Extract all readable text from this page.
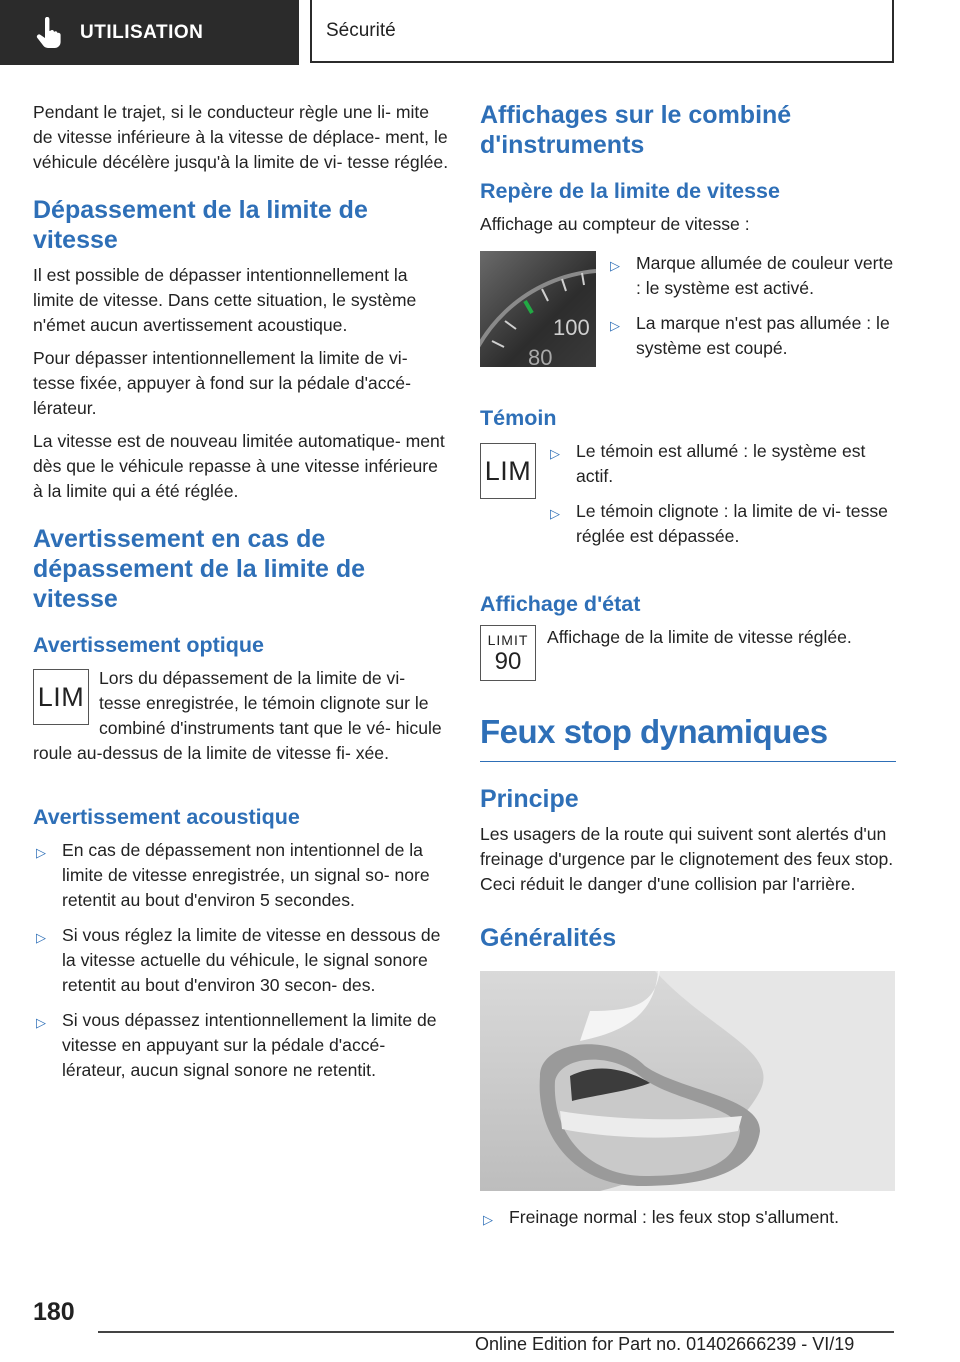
UTILISATION	Sécurité

Pendant le trajet, si le conducteur règle une li- mite de vitesse inférieure à la vitesse de déplace- ment, le véhicule décélère jusqu'à la limite de vi- tesse réglée.

Dépassement de la limite de vitesse

Il est possible de dépasser intentionnellement la limite de vitesse. Dans cette situation, le système n'émet aucun avertissement acoustique.

Pour dépasser intentionnellement la limite de vi- tesse fixée, appuyer à fond sur la pédale d'accé- lérateur.

La vitesse est de nouveau limitée automatique- ment dès que le véhicule repasse à une vitesse inférieure à la limite qui a été réglée.

Avertissement en cas de dépassement de la limite de vitesse
Avertissement optique
LIM

Lors du dépassement de la limite de vi- tesse enregistrée, le témoin clignote sur le combiné d'instruments tant que le vé- hicule roule au-dessus de la limite de vitesse fi- xée.

Avertissement acoustique
▷ En cas de dépassement non intentionnel de la limite de vitesse enregistrée, un signal so- nore retentit au bout d'environ 5 secondes.
▷ Si vous réglez la limite de vitesse en dessous de la vitesse actuelle du véhicule, le signal sonore retentit au bout d'environ 30 secon- des.
▷ Si vous dépassez intentionnellement la limite de vitesse en appuyant sur la pédale d'accé- lérateur, aucun signal sonore ne retentit.
Affichages sur le combiné d'instruments
Repère de la limite de vitesse

Affichage au compteur de vitesse :

100
80
▷ Marque allumée de couleur verte : le système est activé.
▷ La marque n'est pas allumée : le système est coupé.
Témoin
LIM
▷ Le témoin est allumé : le système est actif.
▷ Le témoin clignote : la limite de vi- tesse réglée est dépassée.
Affichage d'état
LIMIT
90

Affichage de la limite de vitesse réglée.

Feux stop dynamiques
Principe

Les usagers de la route qui suivent sont alertés d'un freinage d'urgence par le clignotement des feux stop. Ceci réduit le danger d'une collision par l'arrière.

Généralités
▷ Freinage normal : les feux stop s'allument.
180
Online Edition for Part no. 01402666239 - VI/19
